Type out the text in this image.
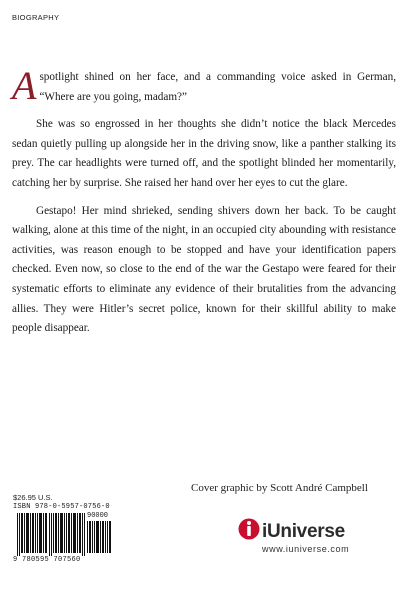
BIOGRAPHY

A spotlight shined on her face, and a commanding voice asked in German, “Where are you going, madam?”

She was so engrossed in her thoughts she didn’t notice the black Mercedes sedan quietly pulling up alongside her in the driving snow, like a panther stalking its prey. The car headlights were turned off, and the spotlight blinded her momentarily, catching her by surprise. She raised her hand over her eyes to cut the glare.

Gestapo! Her mind shrieked, sending shivers down her back. To be caught walking, alone at this time of the night, in an occupied city abounding with resistance activities, was reason enough to be stopped and have your identification papers checked. Even now, so close to the end of the war the Gestapo were feared for their systematic efforts to eliminate any evidence of their brutalities from the advancing allies. They were Hitler’s secret police, known for their skillful ability to make people disappear.

Cover graphic by Scott André Campbell
$26.95 U.S.
ISBN 978-0-5957-0756-0
90000
9 780595 707560
iUniverse
www.iuniverse.com
